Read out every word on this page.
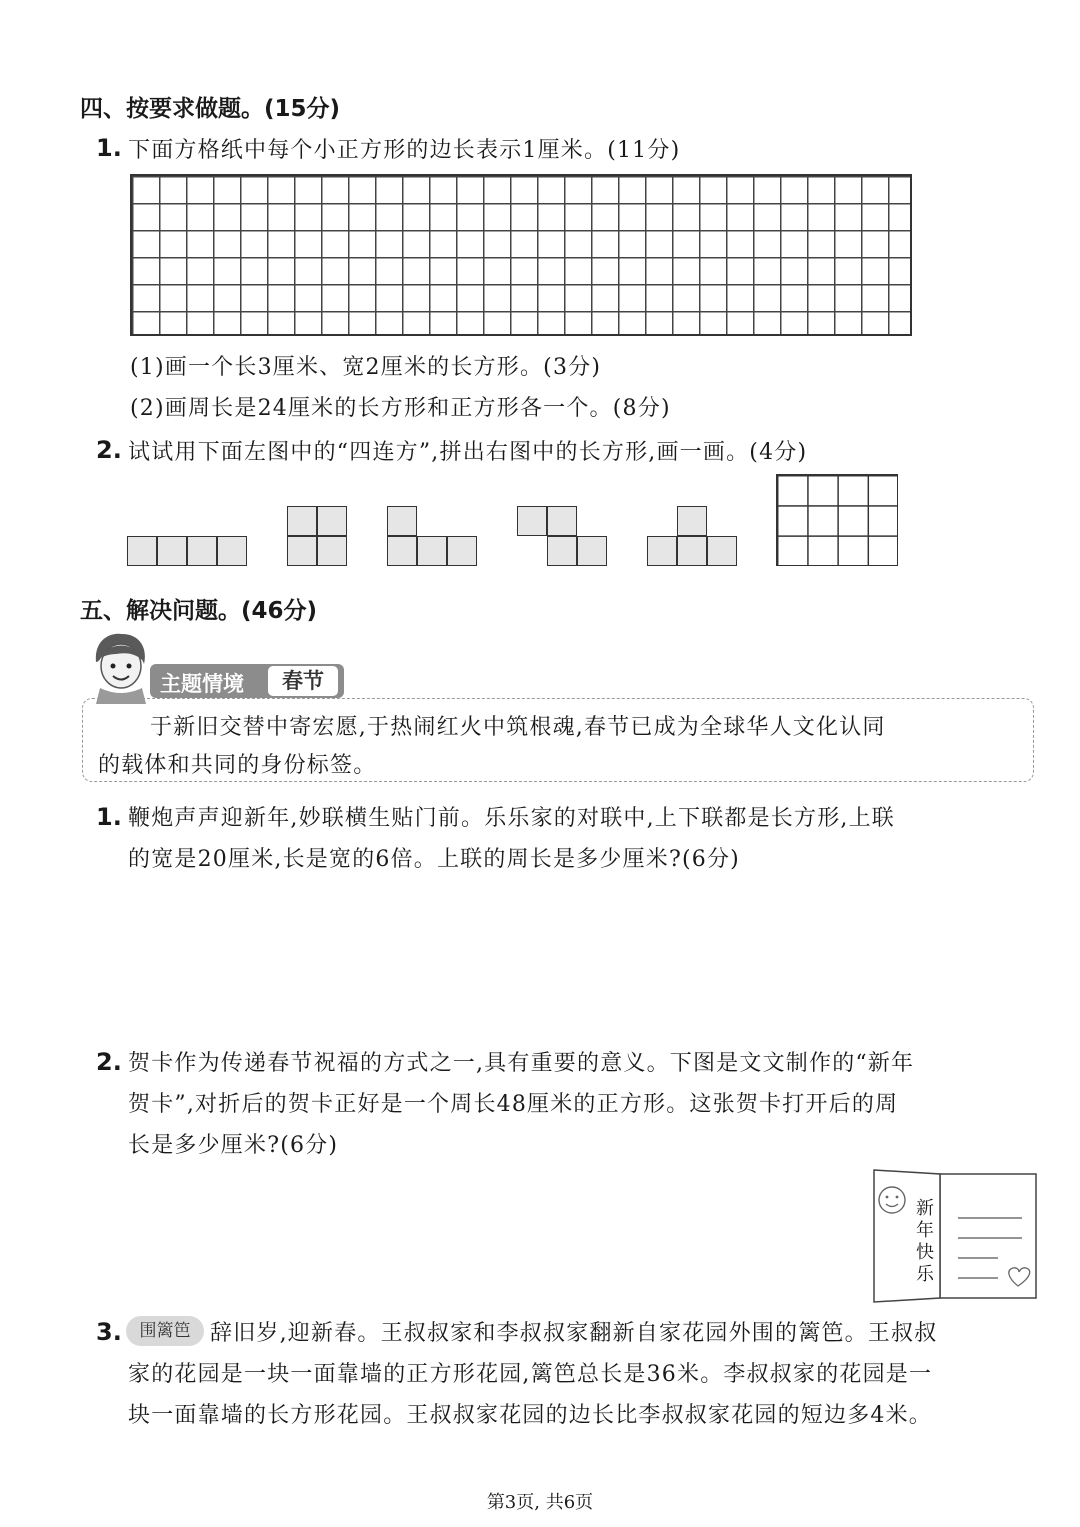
四、按要求做题。(15分)
1. 下面方格纸中每个小正方形的边长表示1厘米。(11分)
(1)画一个长3厘米、宽2厘米的长方形。(3分)
(2)画周长是24厘米的长方形和正方形各一个。(8分)
2. 试试用下面左图中的“四连方”,拼出右图中的长方形,画一画。(4分)
五、解决问题。(46分)
主题情境	春节
于新旧交替中寄宏愿,于热闹红火中筑根魂,春节已成为全球华人文化认同
的载体和共同的身份标签。
1. 鞭炮声声迎新年,妙联横生贴门前。乐乐家的对联中,上下联都是长方形,上联
的宽是20厘米,长是宽的6倍。上联的周长是多少厘米?(6分)
2. 贺卡作为传递春节祝福的方式之一,具有重要的意义。下图是文文制作的“新年
贺卡”,对折后的贺卡正好是一个周长48厘米的正方形。这张贺卡打开后的周
长是多少厘米?(6分)
新
年
快
乐
3.	围篱笆 辞旧岁,迎新春。王叔叔家和李叔叔家翻新自家花园外围的篱笆。王叔叔
家的花园是一块一面靠墙的正方形花园,篱笆总长是36米。李叔叔家的花园是一
块一面靠墙的长方形花园。王叔叔家花园的边长比李叔叔家花园的短边多4米。
第3页, 共6页
